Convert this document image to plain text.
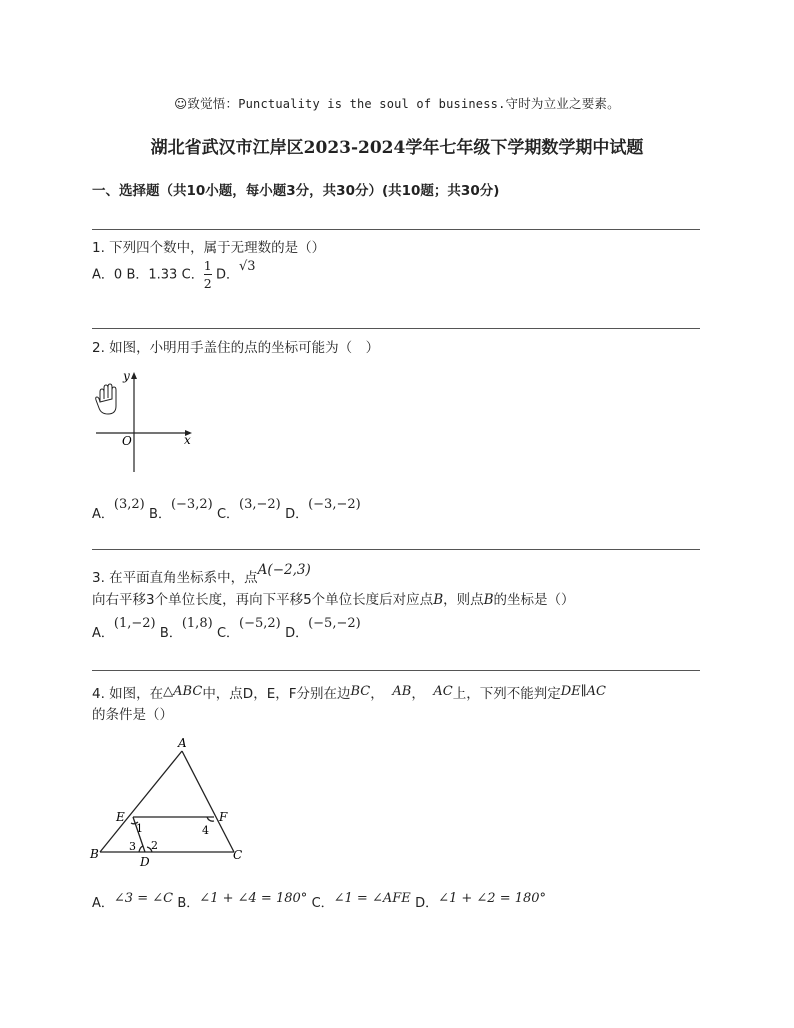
☺致觉悟：Punctuality is the soul of business.守时为立业之要素。
湖北省武汉市江岸区2023-2024学年七年级下学期数学期中试题
一、选择题（共10小题，每小题3分，共30分）(共10题；共30分)
1. 下列四个数中，属于无理数的是（）
A．0 B．1.33 C．$\frac{1}{2}$ D．√3
2. 如图，小明用手盖住的点的坐标可能为（　）
y
x
O
A．(3,2) B．(−3,2) C．(3,−2) D．(−3,−2)
3. 在平面直角坐标系中，点A(−2,3)
向右平移3个单位长度，再向下平移5个单位长度后对应点B，则点B的坐标是（）
A．(1,−2) B．(1,8) C．(−5,2) D．(−5,−2)
4. 如图，在△ABC中，点D，E，F分别在边BC， AB， AC上，下列不能判定DE∥AC
的条件是（）
A
B	C
D
E	F
1	4
3 2
A．∠3 = ∠C B．∠1 + ∠4 = 180° C．∠1 = ∠AFE D．∠1 + ∠2 = 180°
